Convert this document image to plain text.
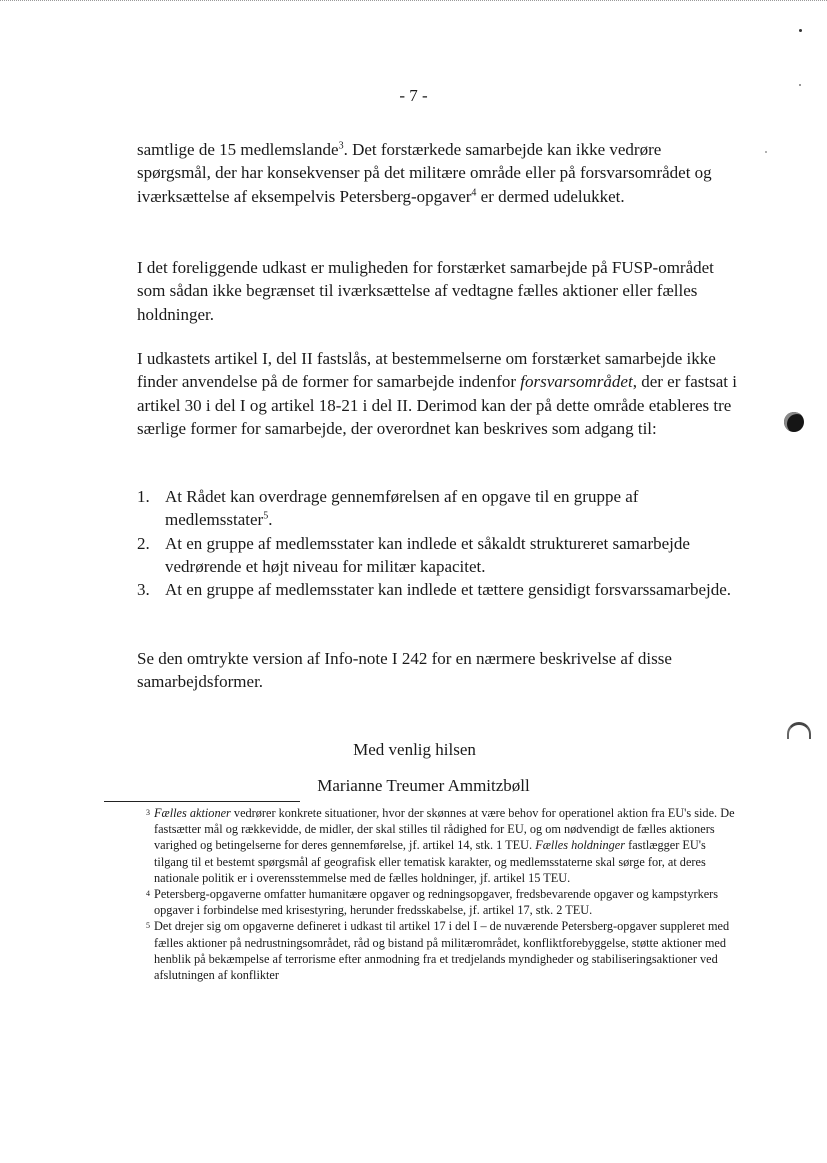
- 7 -
samtlige de 15 medlemslande$^3$. Det forstærkede samarbejde kan ikke vedrøre spørgsmål, der har konsekvenser på det militære område eller på forsvarsområdet og iværksættelse af eksempelvis Petersberg-opgaver$^4$ er dermed udelukket.
I det foreliggende udkast er muligheden for forstærket samarbejde på FUSP-området som sådan ikke begrænset til iværksættelse af vedtagne fælles aktioner eller fælles holdninger.
I udkastets artikel I, del II fastslås, at bestemmelserne om forstærket samarbejde ikke finder anvendelse på de former for samarbejde indenfor forsvarsområdet, der er fastsat i artikel 30 i del I og artikel 18-21 i del II. Derimod kan der på dette område etableres tre særlige former for samarbejde, der overordnet kan beskrives som adgang til:
1. At Rådet kan overdrage gennemførelsen af en opgave til en gruppe af medlemsstater$^5$.
2. At en gruppe af medlemsstater kan indlede et såkaldt struktureret samarbejde vedrørende et højt niveau for militær kapacitet.
3. At en gruppe af medlemsstater kan indlede et tættere gensidigt forsvarssamarbejde.
Se den omtrykte version af Info-note I 242 for en nærmere beskrivelse af disse samarbejdsformer.
Med venlig hilsen
Marianne Treumer Ammitzbøll
3 Fælles aktioner vedrører konkrete situationer, hvor der skønnes at være behov for operationel aktion fra EU's side. De fastsætter mål og rækkevidde, de midler, der skal stilles til rådighed for EU, og om nødvendigt de fælles aktioners varighed og betingelserne for deres gennemførelse, jf. artikel 14, stk. 1 TEU. Fælles holdninger fastlægger EU's tilgang til et bestemt spørgsmål af geografisk eller tematisk karakter, og medlemsstaterne skal sørge for, at deres nationale politik er i overensstemmelse med de fælles holdninger, jf. artikel 15 TEU.
4 Petersberg-opgaverne omfatter humanitære opgaver og redningsopgaver, fredsbevarende opgaver og kampstyrkers opgaver i forbindelse med krisestyring, herunder fredsskabelse, jf. artikel 17, stk. 2 TEU.
5 Det drejer sig om opgaverne defineret i udkast til artikel 17 i del I – de nuværende Petersberg-opgaver suppleret med fælles aktioner på nedrustningsområdet, råd og bistand på militærområdet, konfliktforebyggelse, støtte aktioner med henblik på bekæmpelse af terrorisme efter anmodning fra et tredjelands myndigheder og stabiliseringsaktioner ved afslutningen af konflikter
